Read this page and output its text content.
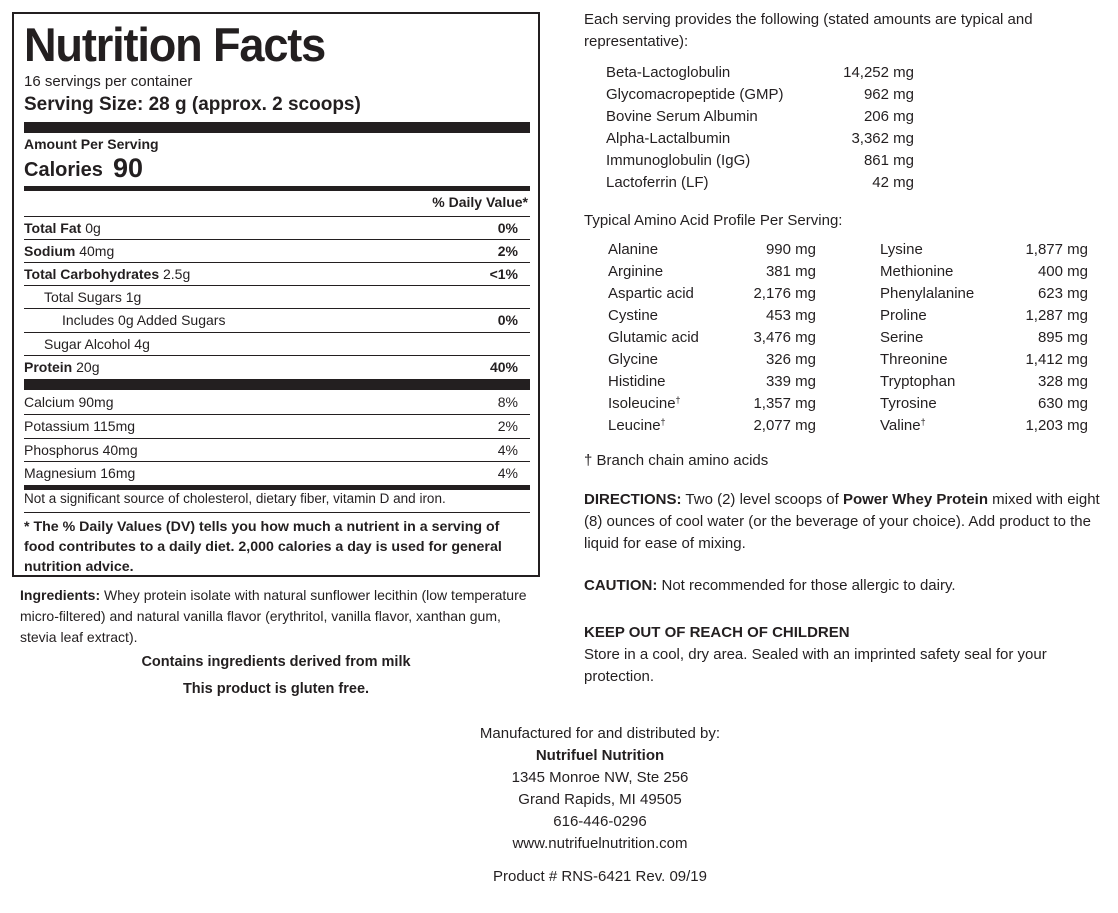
Nutrition Facts
16 servings per container
Serving Size: 28 g (approx. 2 scoops)
Amount Per Serving
Calories 90
% Daily Value*
Total Fat 0g	0%
Sodium 40mg	2%
Total Carbohydrates 2.5g	<1%
Total Sugars 1g
Includes 0g Added Sugars	0%
Sugar Alcohol 4g
Protein 20g	40%
Calcium 90mg	8%
Potassium 115mg	2%
Phosphorus 40mg	4%
Magnesium 16mg	4%
Not a significant source of cholesterol, dietary fiber, vitamin D and iron.
* The % Daily Values (DV) tells you how much a nutrient in a serving of food contributes to a daily diet. 2,000 calories a day is used for general nutrition advice.
Ingredients: Whey protein isolate with natural sunflower lecithin (low temperature micro-filtered) and natural vanilla flavor (erythritol, vanilla flavor, xanthan gum, stevia leaf extract).
Contains ingredients derived from milk
This product is gluten free.
Each serving provides the following (stated amounts are typical and representative):
Beta-Lactoglobulin	14,252 mg
Glycomacropeptide (GMP)	962 mg
Bovine Serum Albumin	206 mg
Alpha-Lactalbumin	3,362 mg
Immunoglobulin (IgG)	861 mg
Lactoferrin (LF)	42 mg
Typical Amino Acid Profile Per Serving:
Alanine	990 mg
Arginine	381 mg
Aspartic acid	2,176 mg
Cystine	453 mg
Glutamic acid	3,476 mg
Glycine	326 mg
Histidine	339 mg
Isoleucine†	1,357 mg
Leucine†	2,077 mg
Lysine	1,877 mg
Methionine	400 mg
Phenylalanine	623 mg
Proline	1,287 mg
Serine	895 mg
Threonine	1,412 mg
Tryptophan	328 mg
Tyrosine	630 mg
Valine†	1,203 mg
† Branch chain amino acids
DIRECTIONS: Two (2) level scoops of Power Whey Protein mixed with eight (8) ounces of cool water (or the beverage of your choice). Add product to the liquid for ease of mixing.
CAUTION: Not recommended for those allergic to dairy.
KEEP OUT OF REACH OF CHILDREN
Store in a cool, dry area. Sealed with an imprinted safety seal for your protection.
Manufactured for and distributed by:
Nutrifuel Nutrition
1345 Monroe NW, Ste 256
Grand Rapids, MI 49505
616-446-0296
www.nutrifuelnutrition.com
Product # RNS-6421 Rev. 09/19
